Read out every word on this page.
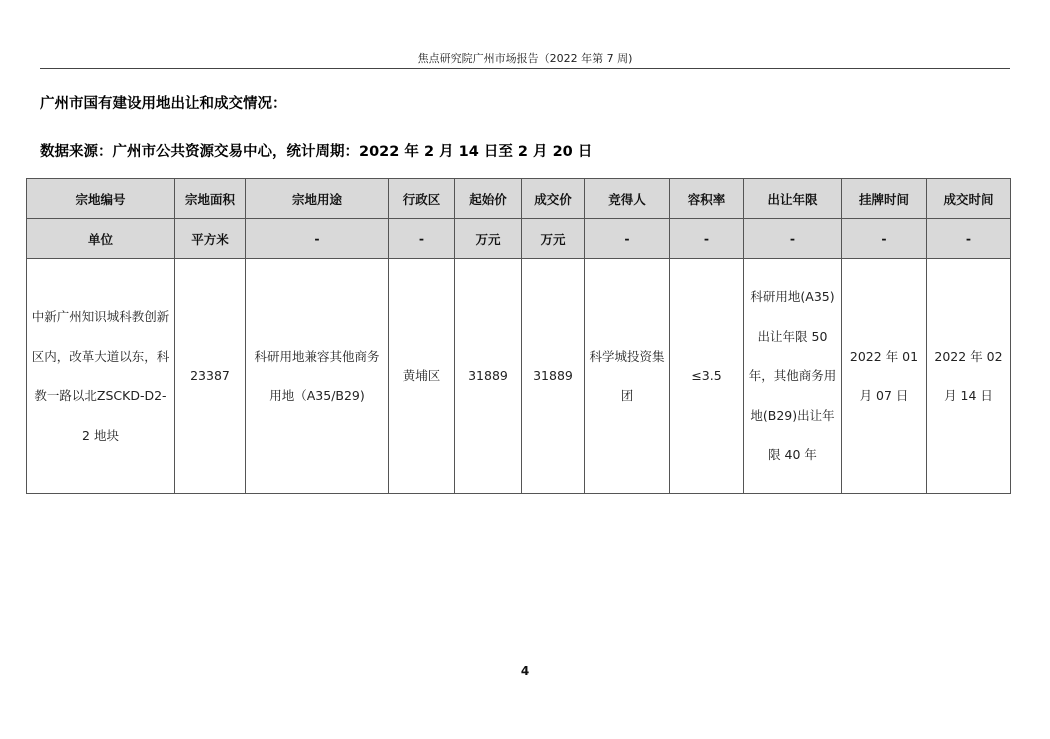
焦点研究院广州市场报告（2022 年第 7 周)
广州市国有建设用地出让和成交情况：
数据来源：广州市公共资源交易中心，统计周期：2022 年 2 月 14 日至 2 月 20 日
宗地编号	宗地面积	宗地用途	行政区	起始价	成交价	竞得人	容积率	出让年限	挂牌时间	成交时间
单位	平方米	-	-	万元	万元	-	-	-	-	-
中新广州知识城科教创新区内，改革大道以东，科教一路以北ZSCKD-D2-2 地块	23387	科研用地兼容其他商务用地（A35/B29)	黄埔区	31889	31889	科学城投资集团	≤3.5	科研用地(A35)出让年限 50 年，其他商务用地(B29)出让年限 40 年	2022 年 01 月 07 日	2022 年 02 月 14 日
4
